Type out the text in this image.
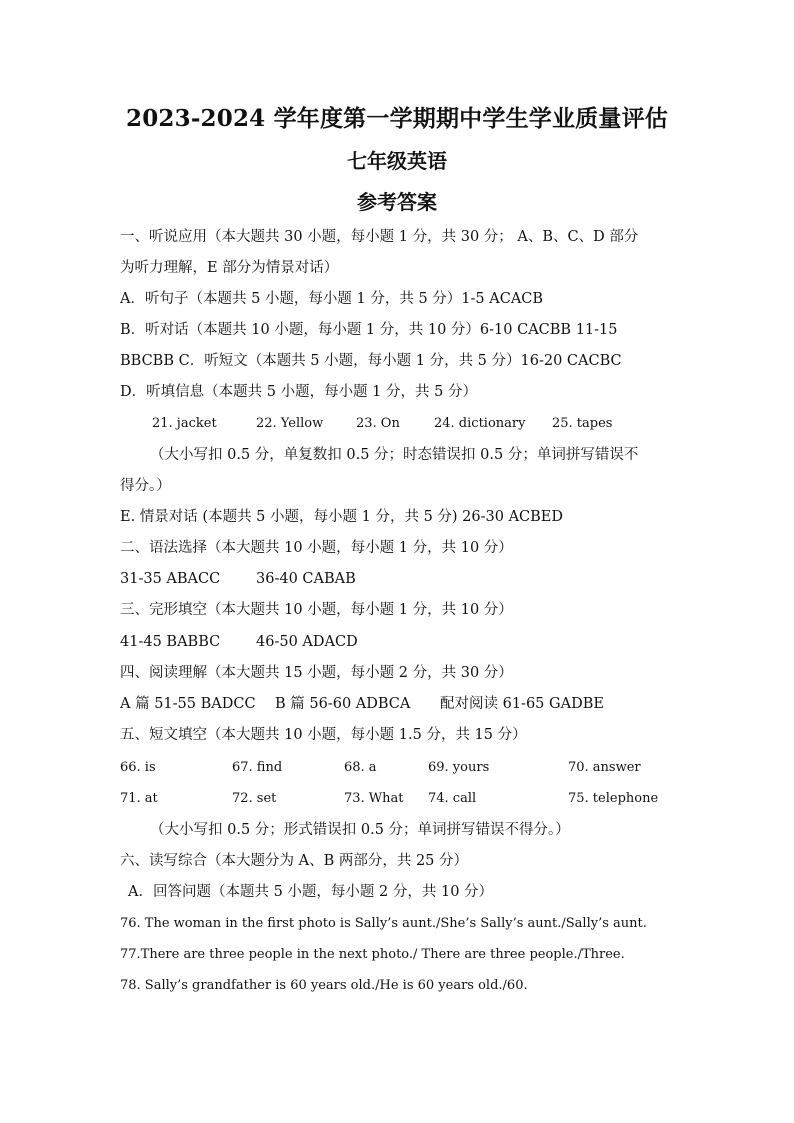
2023-2024 学年度第一学期期中学生学业质量评估
七年级英语
参考答案
一、听说应用（本大题共 30 小题，每小题 1 分，共 30 分； A、B、C、D 部分
为听力理解，E 部分为情景对话）
A．听句子（本题共 5 小题，每小题 1 分，共 5 分）1-5 ACACB
B．听对话（本题共 10 小题，每小题 1 分，共 10 分）6-10 CACBB 11-15
BBCBB C．听短文（本题共 5 小题，每小题 1 分，共 5 分）16-20 CACBC
D．听填信息（本题共 5 小题，每小题 1 分，共 5 分）
21. jacket	22. Yellow	23. On	24. dictionary 25. tapes
（大小写扣 0.5 分，单复数扣 0.5 分；时态错误扣 0.5 分；单词拼写错误不
得分。）
E. 情景对话 (本题共 5 小题，每小题 1 分，共 5 分) 26-30 ACBED
二、语法选择（本大题共 10 小题，每小题 1 分，共 10 分）
31-35 ABACC 36-40 CABAB
三、完形填空（本大题共 10 小题，每小题 1 分，共 10 分）
41-45 BABBC 46-50 ADACD
四、阅读理解（本大题共 15 小题，每小题 2 分，共 30 分）
A 篇 51-55 BADCC B 篇 56-60 ADBCA 配对阅读 61-65 GADBE
五、短文填空（本大题共 10 小题，每小题 1.5 分，共 15 分）
66. is	67. find	68. a	69. yours	70. answer
71. at	72. set	73. What 74. call	75. telephone
（大小写扣 0.5 分；形式错误扣 0.5 分；单词拼写错误不得分。）
六、读写综合（本大题分为 A、B 两部分，共 25 分）
A．回答问题（本题共 5 小题，每小题 2 分，共 10 分）
76. The woman in the first photo is Sally’s aunt./She’s Sally’s aunt./Sally’s aunt.
77.There are three people in the next photo./ There are three people./Three.
78. Sally’s grandfather is 60 years old./He is 60 years old./60.
